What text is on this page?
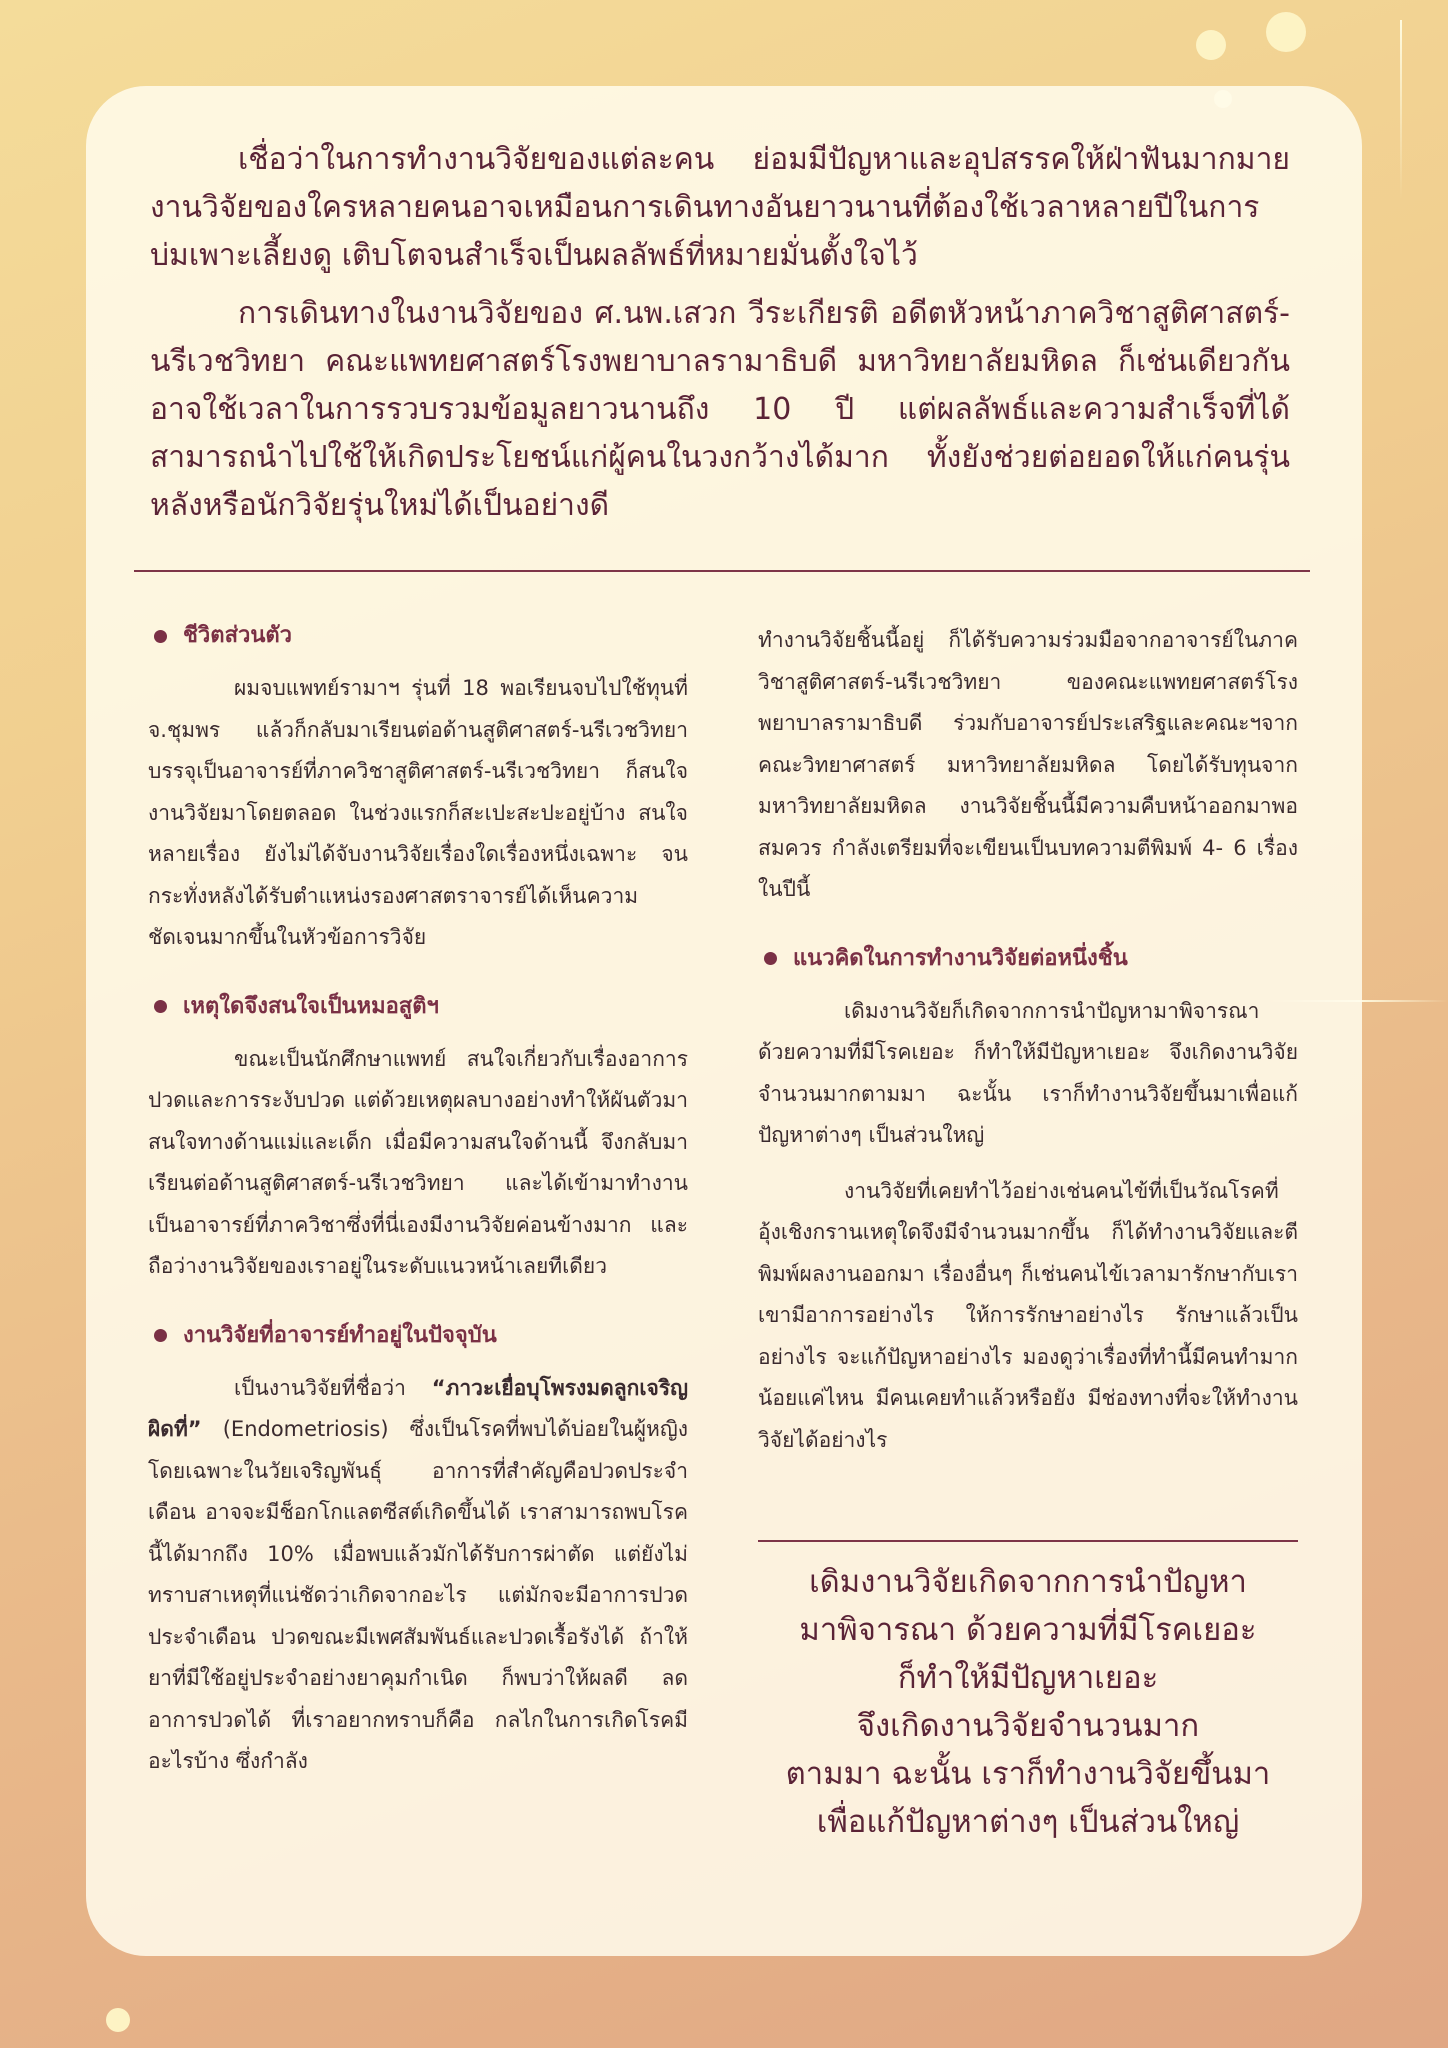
เชื่อว่าในการทำงานวิจัยของแต่ละคน ย่อมมีปัญหาและอุปสรรคให้ฝ่าฟันมากมาย งานวิจัยของใครหลายคนอาจเหมือนการเดินทางอันยาวนานที่ต้องใช้เวลาหลายปีในการบ่มเพาะเลี้ยงดู เติบโตจนสำเร็จเป็นผลลัพธ์ที่หมายมั่นตั้งใจไว้

การเดินทางในงานวิจัยของ ศ.นพ.เสวก วีระเกียรติ อดีตหัวหน้าภาควิชาสูติศาสตร์-นรีเวชวิทยา คณะแพทยศาสตร์โรงพยาบาลรามาธิบดี มหาวิทยาลัยมหิดล ก็เช่นเดียวกัน อาจใช้เวลาในการรวบรวมข้อมูลยาวนานถึง 10 ปี แต่ผลลัพธ์และความสำเร็จที่ได้ สามารถนำไปใช้ให้เกิดประโยชน์แก่ผู้คนในวงกว้างได้มาก ทั้งยังช่วยต่อยอดให้แก่คนรุ่นหลังหรือนักวิจัยรุ่นใหม่ได้เป็นอย่างดี

ชีวิตส่วนตัว

ผมจบแพทย์รามาฯ รุ่นที่ 18 พอเรียนจบไปใช้ทุนที่ จ.ชุมพร แล้วก็กลับมาเรียนต่อด้านสูติศาสตร์-นรีเวชวิทยา บรรจุเป็นอาจารย์ที่ภาควิชาสูติศาสตร์-นรีเวชวิทยา ก็สนใจงานวิจัยมาโดยตลอด ในช่วงแรกก็สะเปะสะปะอยู่บ้าง สนใจหลายเรื่อง ยังไม่ได้จับงานวิจัยเรื่องใดเรื่องหนึ่งเฉพาะ จนกระทั่งหลังได้รับตำแหน่งรองศาสตราจารย์ได้เห็นความชัดเจนมากขึ้นในหัวข้อการวิจัย

เหตุใดจึงสนใจเป็นหมอสูติฯ

ขณะเป็นนักศึกษาแพทย์ สนใจเกี่ยวกับเรื่องอาการปวดและการระงับปวด แต่ด้วยเหตุผลบางอย่างทำให้ผันตัวมาสนใจทางด้านแม่และเด็ก เมื่อมีความสนใจด้านนี้ จึงกลับมาเรียนต่อด้านสูติศาสตร์-นรีเวชวิทยา และได้เข้ามาทำงานเป็นอาจารย์ที่ภาควิชาซึ่งที่นี่เองมีงานวิจัยค่อนข้างมาก และถือว่างานวิจัยของเราอยู่ในระดับแนวหน้าเลยทีเดียว

งานวิจัยที่อาจารย์ทำอยู่ในปัจจุบัน

เป็นงานวิจัยที่ชื่อว่า “ภาวะเยื่อบุโพรงมดลูกเจริญผิดที่” (Endometriosis) ซึ่งเป็นโรคที่พบได้บ่อยในผู้หญิง โดยเฉพาะในวัยเจริญพันธุ์ อาการที่สำคัญคือปวดประจำเดือน อาจจะมีช็อกโกแลตซีสต์เกิดขึ้นได้ เราสามารถพบโรคนี้ได้มากถึง 10% เมื่อพบแล้วมักได้รับการผ่าตัด แต่ยังไม่ทราบสาเหตุที่แน่ชัดว่าเกิดจากอะไร แต่มักจะมีอาการปวดประจำเดือน ปวดขณะมีเพศสัมพันธ์และปวดเรื้อรังได้ ถ้าให้ยาที่มีใช้อยู่ประจำอย่างยาคุมกำเนิด ก็พบว่าให้ผลดี ลดอาการปวดได้ ที่เราอยากทราบก็คือ กลไกในการเกิดโรคมีอะไรบ้าง ซึ่งกำลัง

ทำงานวิจัยชิ้นนี้อยู่ ก็ได้รับความร่วมมือจากอาจารย์ในภาควิชาสูติศาสตร์-นรีเวชวิทยา ของคณะแพทยศาสตร์โรงพยาบาลรามาธิบดี ร่วมกับอาจารย์ประเสริฐและคณะฯจากคณะวิทยาศาสตร์ มหาวิทยาลัยมหิดล โดยได้รับทุนจากมหาวิทยาลัยมหิดล งานวิจัยชิ้นนี้มีความคืบหน้าออกมาพอสมควร กำลังเตรียมที่จะเขียนเป็นบทความตีพิมพ์ 4- 6 เรื่องในปีนี้

แนวคิดในการทำงานวิจัยต่อหนึ่งชิ้น

เดิมงานวิจัยก็เกิดจากการนำปัญหามาพิจารณา ด้วยความที่มีโรคเยอะ ก็ทำให้มีปัญหาเยอะ จึงเกิดงานวิจัยจำนวนมากตามมา ฉะนั้น เราก็ทำงานวิจัยขึ้นมาเพื่อแก้ปัญหาต่างๆ เป็นส่วนใหญ่

งานวิจัยที่เคยทำไว้อย่างเช่นคนไข้ที่เป็นวัณโรคที่อุ้งเชิงกรานเหตุใดจึงมีจำนวนมากขึ้น ก็ได้ทำงานวิจัยและตีพิมพ์ผลงานออกมา เรื่องอื่นๆ ก็เช่นคนไข้เวลามารักษากับเรา เขามีอาการอย่างไร ให้การรักษาอย่างไร รักษาแล้วเป็นอย่างไร จะแก้ปัญหาอย่างไร มองดูว่าเรื่องที่ทำนี้มีคนทำมากน้อยแค่ไหน มีคนเคยทำแล้วหรือยัง มีช่องทางที่จะให้ทำงานวิจัยได้อย่างไร

เดิมงานวิจัยเกิดจากการนำปัญหา
มาพิจารณา ด้วยความที่มีโรคเยอะ
ก็ทำให้มีปัญหาเยอะ
จึงเกิดงานวิจัยจำนวนมาก
ตามมา ฉะนั้น เราก็ทำงานวิจัยขึ้นมา
เพื่อแก้ปัญหาต่างๆ เป็นส่วนใหญ่
